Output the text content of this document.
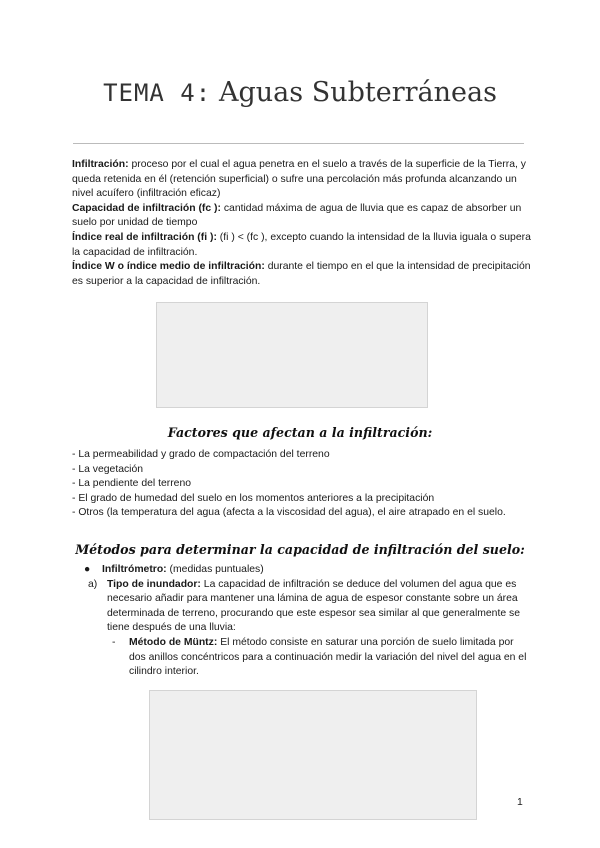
TEMA 4: Aguas Subterráneas

Infiltración: proceso por el cual el agua penetra en el suelo a través de la superficie de la Tierra, y queda retenida en él (retención superficial) o sufre una percolación más profunda alcanzando un nivel acuífero (infiltración eficaz)

Capacidad de infiltración (fc ): cantidad máxima de agua de lluvia que es capaz de absorber un suelo por unidad de tiempo

Índice real de infiltración (fi ): (fi ) < (fc ), excepto cuando la intensidad de la lluvia iguala o supera la capacidad de infiltración.

Índice W o índice medio de infiltración: durante el tiempo en el que la intensidad de precipitación es superior a la capacidad de infiltración.

Factores que afectan a la infiltración:
- La permeabilidad y grado de compactación del terreno
- La vegetación
- La pendiente del terreno
- El grado de humedad del suelo en los momentos anteriores a la precipitación
- Otros (la temperatura del agua (afecta a la viscosidad del agua), el aire atrapado en el suelo.
Métodos para determinar la capacidad de infiltración del suelo:
● Infiltrómetro: (medidas puntuales)
a) Tipo de inundador: La capacidad de infiltración se deduce del volumen del agua que es necesario añadir para mantener una lámina de agua de espesor constante sobre un área determinada de terreno, procurando que este espesor sea similar al que generalmente se tiene después de una lluvia:
- Método de Müntz: El método consiste en saturar una porción de suelo limitada por dos anillos concéntricos para a continuación medir la variación del nivel del agua en el cilindro interior.
1
